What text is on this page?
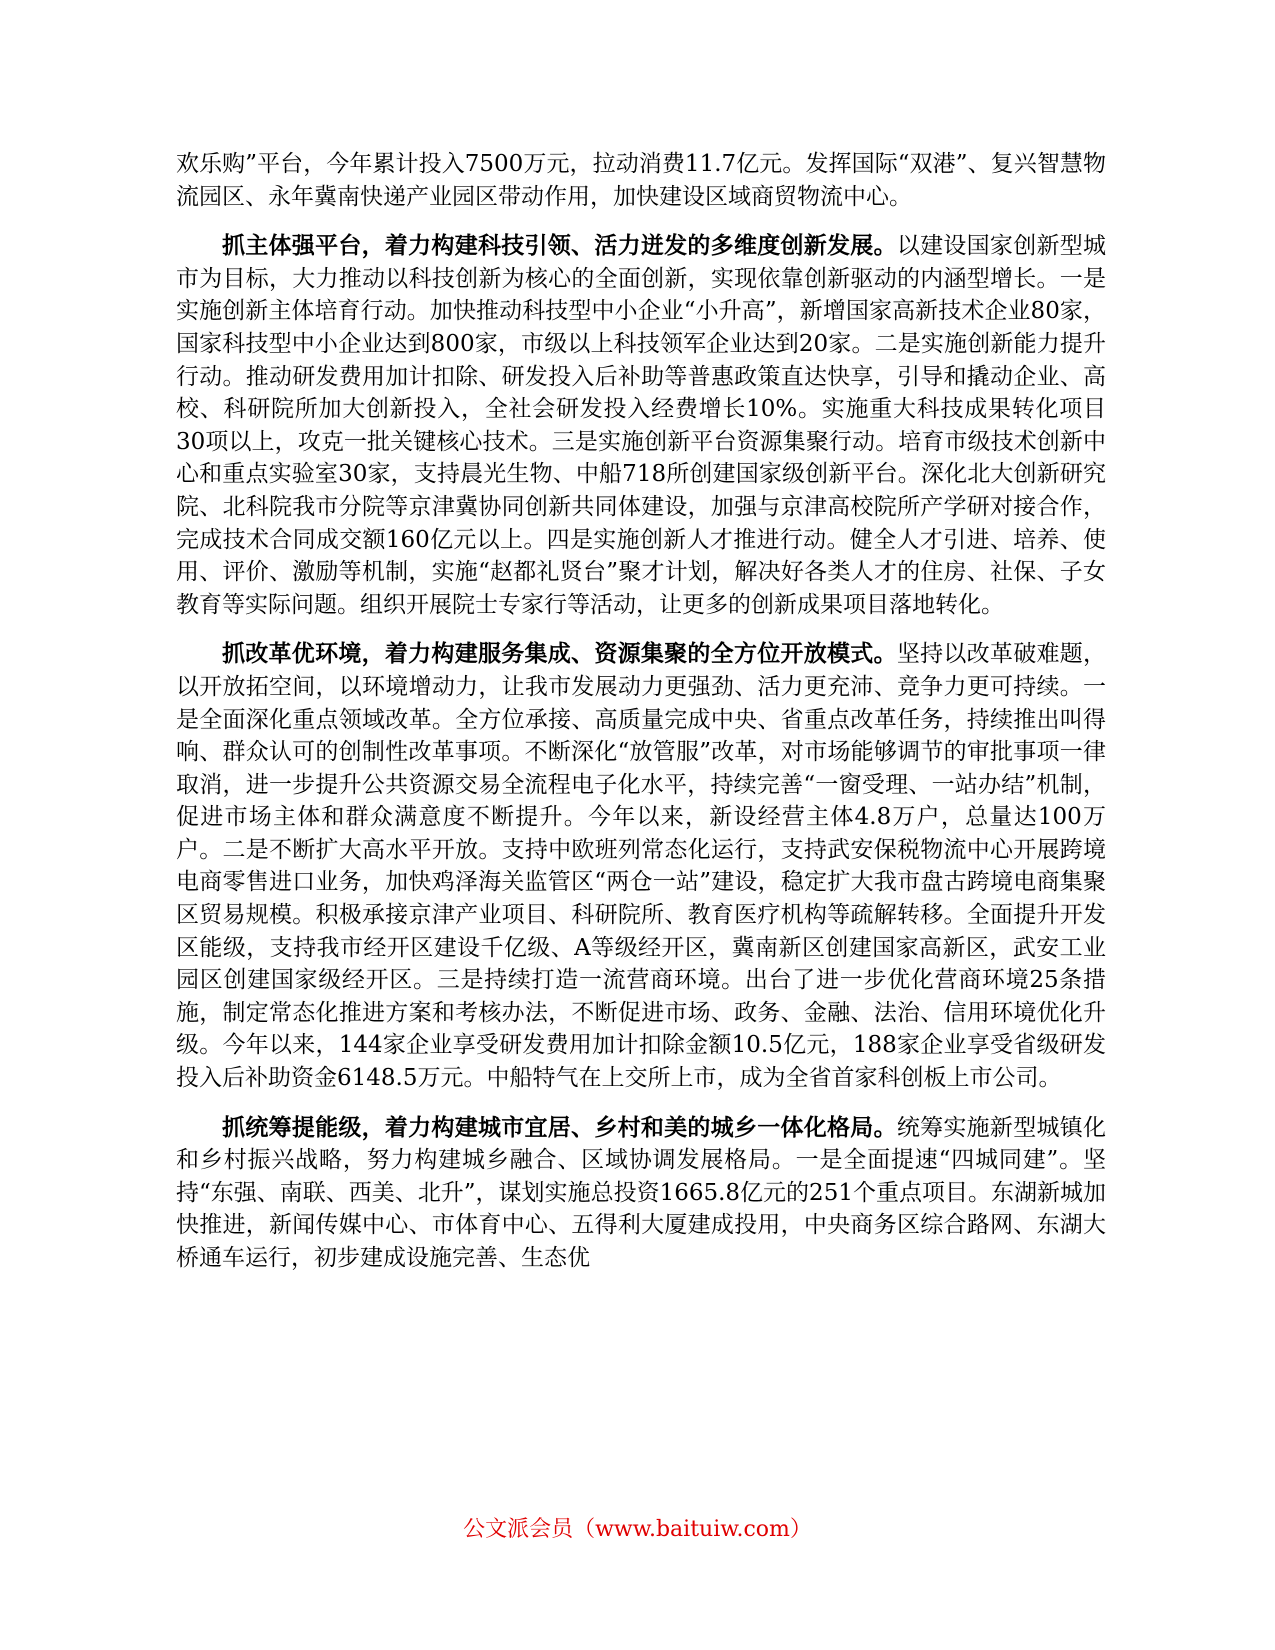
欢乐购”平台，今年累计投入7500万元，拉动消费11.7亿元。发挥国际“双港”、复兴智慧物流园区、永年冀南快递产业园区带动作用，加快建设区域商贸物流中心。

抓主体强平台，着力构建科技引领、活力迸发的多维度创新发展。以建设国家创新型城市为目标，大力推动以科技创新为核心的全面创新，实现依靠创新驱动的内涵型增长。一是实施创新主体培育行动。加快推动科技型中小企业“小升高”，新增国家高新技术企业80家，国家科技型中小企业达到800家，市级以上科技领军企业达到20家。二是实施创新能力提升行动。推动研发费用加计扣除、研发投入后补助等普惠政策直达快享，引导和撬动企业、高校、科研院所加大创新投入，全社会研发投入经费增长10%。实施重大科技成果转化项目30项以上，攻克一批关键核心技术。三是实施创新平台资源集聚行动。培育市级技术创新中心和重点实验室30家，支持晨光生物、中船718所创建国家级创新平台。深化北大创新研究院、北科院我市分院等京津冀协同创新共同体建设，加强与京津高校院所产学研对接合作，完成技术合同成交额160亿元以上。四是实施创新人才推进行动。健全人才引进、培养、使用、评价、激励等机制，实施“赵都礼贤台”聚才计划，解决好各类人才的住房、社保、子女教育等实际问题。组织开展院士专家行等活动，让更多的创新成果项目落地转化。

抓改革优环境，着力构建服务集成、资源集聚的全方位开放模式。坚持以改革破难题，以开放拓空间，以环境增动力，让我市发展动力更强劲、活力更充沛、竞争力更可持续。一是全面深化重点领域改革。全方位承接、高质量完成中央、省重点改革任务，持续推出叫得响、群众认可的创制性改革事项。不断深化“放管服”改革，对市场能够调节的审批事项一律取消，进一步提升公共资源交易全流程电子化水平，持续完善“一窗受理、一站办结”机制，促进市场主体和群众满意度不断提升。今年以来，新设经营主体4.8万户，总量达100万户。二是不断扩大高水平开放。支持中欧班列常态化运行，支持武安保税物流中心开展跨境电商零售进口业务，加快鸡泽海关监管区“两仓一站”建设，稳定扩大我市盘古跨境电商集聚区贸易规模。积极承接京津产业项目、科研院所、教育医疗机构等疏解转移。全面提升开发区能级，支持我市经开区建设千亿级、A等级经开区，冀南新区创建国家高新区，武安工业园区创建国家级经开区。三是持续打造一流营商环境。出台了进一步优化营商环境25条措施，制定常态化推进方案和考核办法，不断促进市场、政务、金融、法治、信用环境优化升级。今年以来，144家企业享受研发费用加计扣除金额10.5亿元，188家企业享受省级研发投入后补助资金6148.5万元。中船特气在上交所上市，成为全省首家科创板上市公司。

抓统筹提能级，着力构建城市宜居、乡村和美的城乡一体化格局。统筹实施新型城镇化和乡村振兴战略，努力构建城乡融合、区域协调发展格局。一是全面提速“四城同建”。坚持“东强、南联、西美、北升”，谋划实施总投资1665.8亿元的251个重点项目。东湖新城加快推进，新闻传媒中心、市体育中心、五得利大厦建成投用，中央商务区综合路网、东湖大桥通车运行，初步建成设施完善、生态优

公文派会员（www.baituiw.com）
